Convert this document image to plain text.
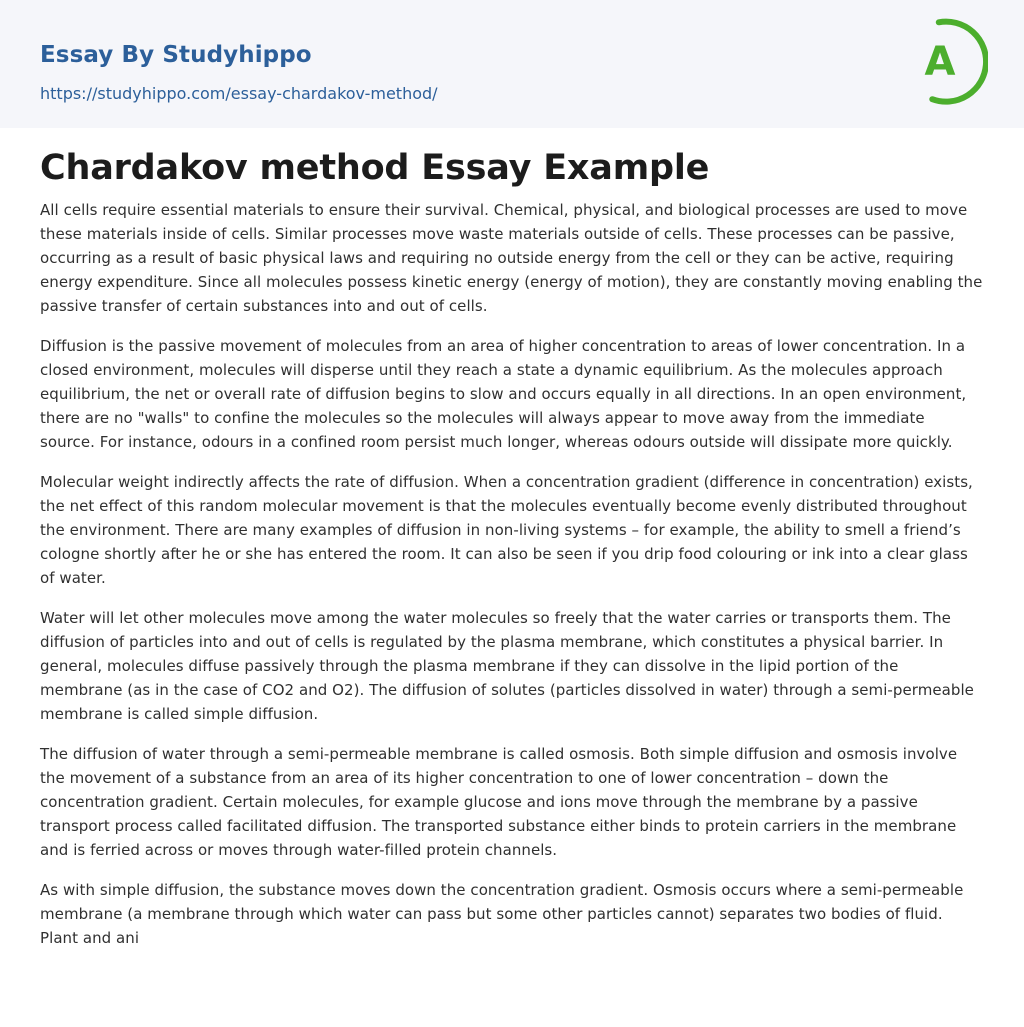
Essay By Studyhippo
https://studyhippo.com/essay-chardakov-method/
A
Chardakov method Essay Example

All cells require essential materials to ensure their survival. Chemical, physical, and biological processes are used to move these materials inside of cells. Similar processes move waste materials outside of cells. These processes can be passive, occurring as a result of basic physical laws and requiring no outside energy from the cell or they can be active, requiring energy expenditure. Since all molecules possess kinetic energy (energy of motion), they are constantly moving enabling the passive transfer of certain substances into and out of cells.

Diffusion is the passive movement of molecules from an area of higher concentration to areas of lower concentration. In a closed environment, molecules will disperse until they reach a state a dynamic equilibrium. As the molecules approach equilibrium, the net or overall rate of diffusion begins to slow and occurs equally in all directions. In an open environment, there are no "walls" to confine the molecules so the molecules will always appear to move away from the immediate source. For instance, odours in a confined room persist much longer, whereas odours outside will dissipate more quickly.

Molecular weight indirectly affects the rate of diffusion. When a concentration gradient (difference in concentration) exists, the net effect of this random molecular movement is that the molecules eventually become evenly distributed throughout the environment. There are many examples of diffusion in non-living systems – for example, the ability to smell a friend’s cologne shortly after he or she has entered the room. It can also be seen if you drip food colouring or ink into a clear glass of water.

Water will let other molecules move among the water molecules so freely that the water carries or transports them. The diffusion of particles into and out of cells is regulated by the plasma membrane, which constitutes a physical barrier. In general, molecules diffuse passively through the plasma membrane if they can dissolve in the lipid portion of the membrane (as in the case of CO2 and O2). The diffusion of solutes (particles dissolved in water) through a semi-permeable membrane is called simple diffusion.

The diffusion of water through a semi-permeable membrane is called osmosis. Both simple diffusion and osmosis involve the movement of a substance from an area of its higher concentration to one of lower concentration – down the concentration gradient. Certain molecules, for example glucose and ions move through the membrane by a passive transport process called facilitated diffusion. The transported substance either binds to protein carriers in the membrane and is ferried across or moves through water-filled protein channels.

As with simple diffusion, the substance moves down the concentration gradient. Osmosis occurs where a semi-permeable membrane (a membrane through which water can pass but some other particles cannot) separates two bodies of fluid. Plant and ani
